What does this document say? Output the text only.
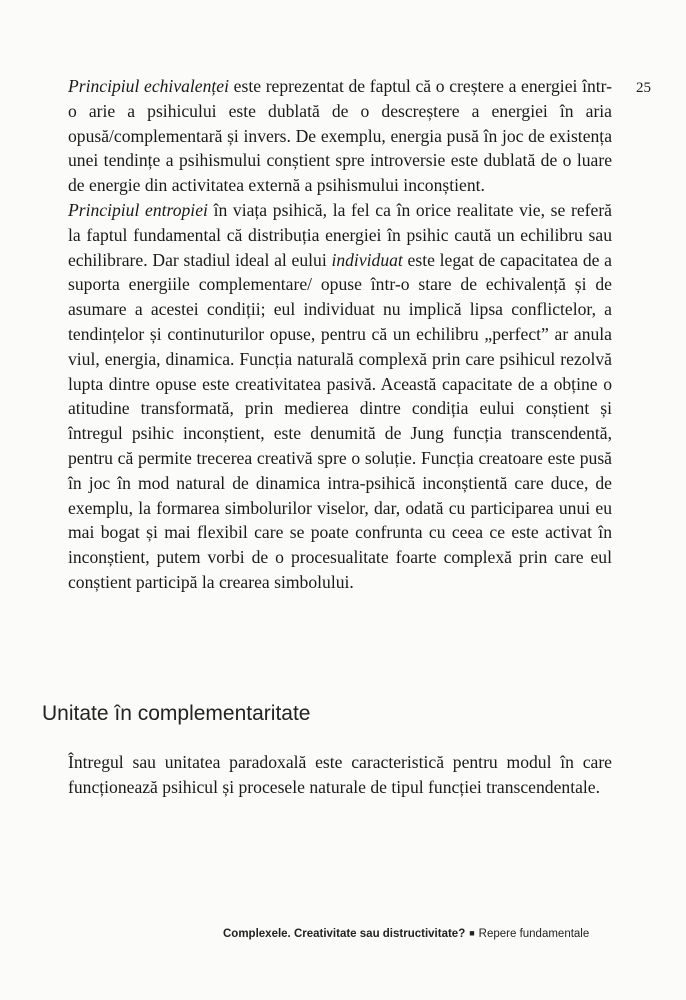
25

Principiul echivalenței este reprezentat de faptul că o creștere a energiei într-o arie a psihicului este dublată de o descreștere a energiei în aria opusă/complementară și invers. De exemplu, energia pusă în joc de existența unei tendințe a psihismului conștient spre introversie este dublată de o luare de energie din activitatea externă a psihismului inconștient.

Principiul entropiei în viața psihică, la fel ca în orice realitate vie, se referă la faptul fundamental că distribuția energiei în psihic caută un echilibru sau echilibrare. Dar stadiul ideal al eului individuat este legat de capacitatea de a suporta energiile complementare/ opuse într-o stare de echivalență și de asumare a acestei condiții; eul individuat nu implică lipsa conflictelor, a tendințelor și continuturilor opuse, pentru că un echilibru „perfect” ar anula viul, energia, dinamica. Funcția naturală complexă prin care psihicul rezolvă lupta dintre opuse este creativitatea pasivă. Această capacitate de a obține o atitudine transformată, prin medierea dintre condiția eului conștient și întregul psihic inconștient, este denumită de Jung funcția transcendentă, pentru că permite trecerea creativă spre o soluție. Funcția creatoare este pusă în joc în mod natural de dinamica intra-psihică inconștientă care duce, de exemplu, la formarea simbolurilor viselor, dar, odată cu participarea unui eu mai bogat și mai flexibil care se poate confrunta cu ceea ce este activat în inconștient, putem vorbi de o procesualitate foarte complexă prin care eul conștient participă la crearea simbolului.

Unitate în complementaritate

Întregul sau unitatea paradoxală este caracteristică pentru modul în care funcționează psihicul și procesele naturale de tipul funcției transcendentale.

Complexele. Creativitate sau distructivitate? ■ Repere fundamentale
